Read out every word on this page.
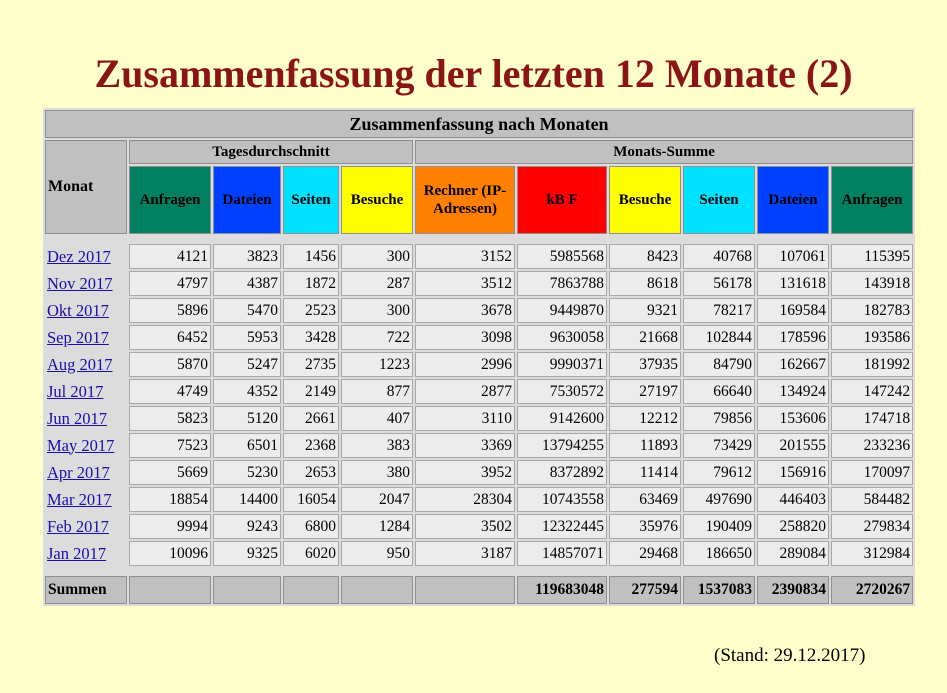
Zusammenfassung der letzten 12 Monate (2)
Zusammenfassung nach Monaten										
Monat	Tagesdurchschnitt				Monats-Summe					
	Anfragen	Dateien	Seiten	Besuche	Rechner (IP-Adressen)	kB F	Besuche	Seiten	Dateien	Anfragen

Dez 2017	4121	3823	1456	300	3152	5985568	8423	40768	107061	115395
Nov 2017	4797	4387	1872	287	3512	7863788	8618	56178	131618	143918
Okt 2017	5896	5470	2523	300	3678	9449870	9321	78217	169584	182783
Sep 2017	6452	5953	3428	722	3098	9630058	21668	102844	178596	193586
Aug 2017	5870	5247	2735	1223	2996	9990371	37935	84790	162667	181992
Jul 2017	4749	4352	2149	877	2877	7530572	27197	66640	134924	147242
Jun 2017	5823	5120	2661	407	3110	9142600	12212	79856	153606	174718
May 2017	7523	6501	2368	383	3369	13794255	11893	73429	201555	233236
Apr 2017	5669	5230	2653	380	3952	8372892	11414	79612	156916	170097
Mar 2017	18854	14400	16054	2047	28304	10743558	63469	497690	446403	584482
Feb 2017	9994	9243	6800	1284	3502	12322445	35976	190409	258820	279834
Jan 2017	10096	9325	6020	950	3187	14857071	29468	186650	289084	312984

Summen						119683048	277594	1537083	2390834	2720267
(Stand: 29.12.2017)
